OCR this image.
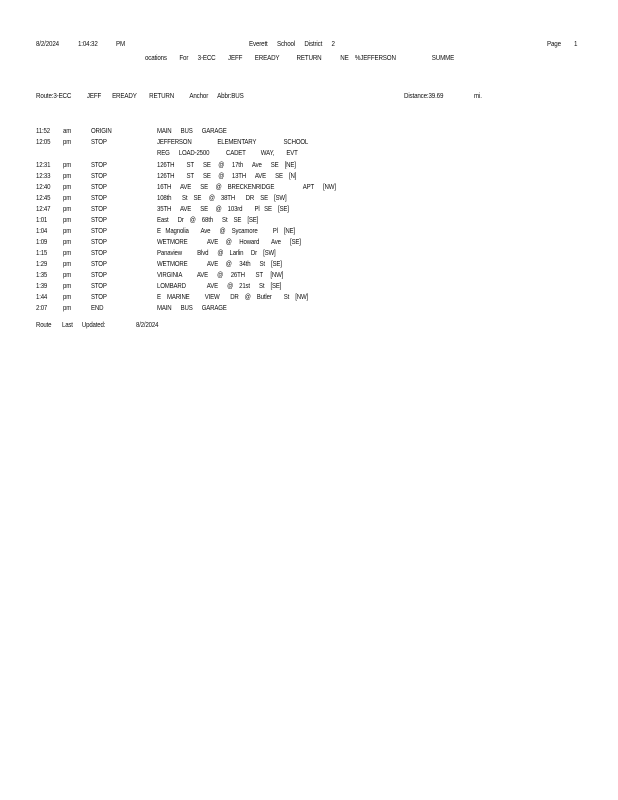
8/2/2024	1:04:32 PM	Everett      School      District      2	Page 1
ocations        For      3-ECC        JEFF        EREADY           RETURN            NE    %JEFFERSON                       SUMME
Route:3-ECC          JEFF       EREADY        RETURN          Anchor      Abbr:BUS	Distance:39.69	mi.
11:52 am	ORIGIN	MAIN      BUS      GARAGE
12:05 pm	STOP	JEFFERSON                 ELEMENTARY                  SCHOOL
REG      LOAD-2500           CADET          WAY,        EVT
12:31 pm	STOP	126TH        ST      SE     @     17th      Ave      SE    [NE]
12:33 pm	STOP	126TH        ST      SE     @     13TH      AVE      SE    [N]
12:40 pm	STOP	16TH      AVE      SE     @    BRECKENRIDGE                   APT      [NW]
12:45 pm	STOP	108th       St    SE     @    38TH       DR    SE    [SW]
12:47 pm	STOP	35TH      AVE      SE     @    103rd        Pl   SE    [SE]
1:01 pm	STOP	East      Dr    @    68th      St    SE    [SE]
1:04 pm	STOP	E   Magnolia        Ave      @    Sycamore          Pl    [NE]
1:09 pm	STOP	WETMORE             AVE     @     Howard        Ave      [SE]
1:15 pm	STOP	Panaview          Blvd      @    Larlin     Dr    [SW]
1:29 pm	STOP	WETMORE             AVE     @     34th      St    [SE]
1:35 pm	STOP	VIRGINIA          AVE      @     26TH       ST     [NW]
1:39 pm	STOP	LOMBARD              AVE      @    21st      St    [SE]
1:44 pm	STOP	E    MARINE          VIEW       DR    @    Butler        St    [NW]
2:07 pm	END	MAIN      BUS      GARAGE
Route       Last      Updated:	8/2/2024
